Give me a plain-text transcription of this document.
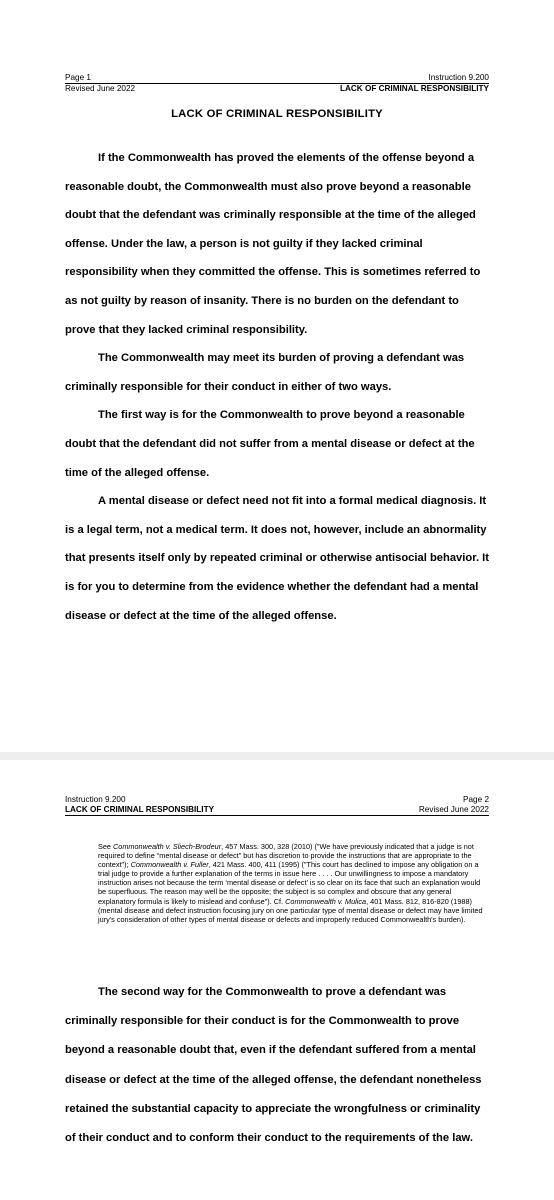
Page 1	Instruction 9.200
Revised June 2022	LACK OF CRIMINAL RESPONSIBILITY
LACK OF CRIMINAL RESPONSIBILITY

If the Commonwealth has proved the elements of the offense beyond a reasonable doubt, the Commonwealth must also prove beyond a reasonable doubt that the defendant was criminally responsible at the time of the alleged offense. Under the law, a person is not guilty if they lacked criminal responsibility when they committed the offense. This is sometimes referred to as not guilty by reason of insanity. There is no burden on the defendant to prove that they lacked criminal responsibility.

The Commonwealth may meet its burden of proving a defendant was criminally responsible for their conduct in either of two ways.

The first way is for the Commonwealth to prove beyond a reasonable doubt that the defendant did not suffer from a mental disease or defect at the time of the alleged offense.

A mental disease or defect need not fit into a formal medical diagnosis. It is a legal term, not a medical term. It does not, however, include an abnormality that presents itself only by repeated criminal or otherwise antisocial behavior. It is for you to determine from the evidence whether the defendant had a mental disease or defect at the time of the alleged offense.

Instruction 9.200	Page 2
LACK OF CRIMINAL RESPONSIBILITY	Revised June 2022

See Commonwealth v. Sliech-Brodeur, 457 Mass. 300, 328 (2010) ("We have previously indicated that a judge is not required to define “mental disease or defect” but has discretion to provide the instructions that are appropriate to the context"); Commonwealth v. Fuller, 421 Mass. 400, 411 (1995) ("This court has declined to impose any obligation on a trial judge to provide a further explanation of the terms in issue here . . . . Our unwillingness to impose a mandatory instruction arises not because the term ‘mental disease or defect’ is so clear on its face that such an explanation would be superfluous. The reason may well be the opposite; the subject is so complex and obscure that any general explanatory formula is likely to mislead and confuse"). Cf. Commonwealth v. Mulica, 401 Mass. 812, 816-820 (1988) (mental disease and defect instruction focusing jury on one particular type of mental disease or defect may have limited jury's consideration of other types of mental disease or defects and improperly reduced Commonwealth's burden).

The second way for the Commonwealth to prove a defendant was criminally responsible for their conduct is for the Commonwealth to prove beyond a reasonable doubt that, even if the defendant suffered from a mental disease or defect at the time of the alleged offense, the defendant nonetheless retained the substantial capacity to appreciate the wrongfulness or criminality of their conduct and to conform their conduct to the requirements of the law.
